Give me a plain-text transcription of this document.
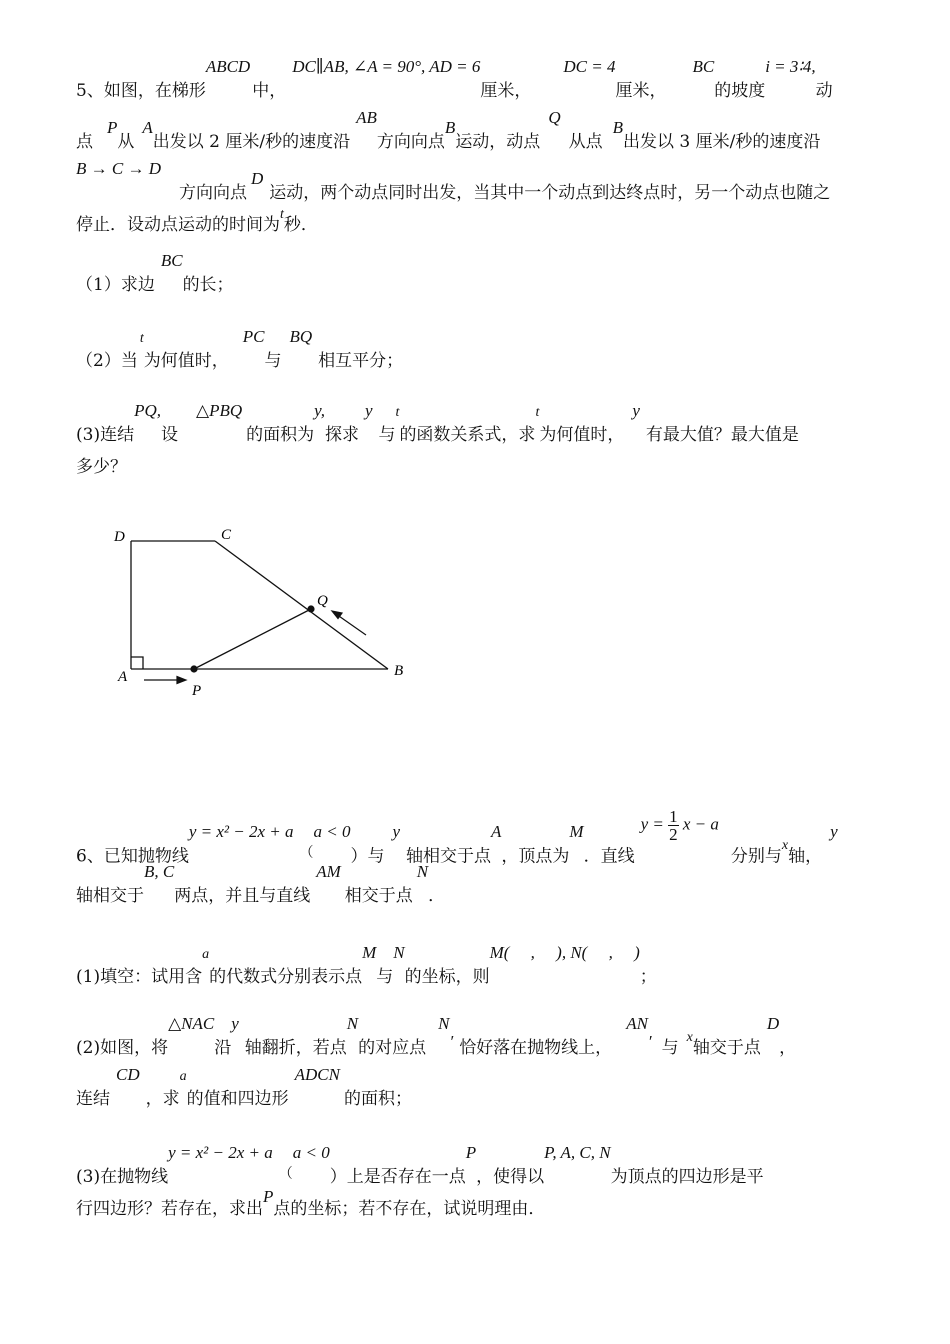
5、如图，在梯形ABCD中，DC∥AB, ∠A = 90°, AD = 6厘米，DC = 4厘米，BC的坡度i = 3∶4,动
点P从A出发以 2 厘米/秒的速度沿AB方向向点B运动，动点Q从点B出发以 3 厘米/秒的速度沿
B → C → D方向向点D运动，两个动点同时出发，当其中一个动点到达终点时，另一个动点也随之
停止．设动点运动的时间为$^t$秒．
（1）求边BC的长；
（2）当$^t$为何值时，PC与BQ相互平分；
(3)连结PQ,设△PBQ的面积为y,探求y与$^t$的函数关系式，求$^t$为何值时，y有最大值？最大值是
多少？
D	C
Q
A
P
B
6、已知抛物线y = x² − 2x + a（a < 0）与y轴相交于点A，顶点为M．直线$y = \frac{1}{2}$ x − a分别与$^x$轴，y
轴相交于B, C两点，并且与直线AM相交于点N．
(1)填空：试用含$^a$的代数式分别表示点M与N的坐标，则M(　 ,　 ), N(　 ,　 )；
(2)如图，将△NAC沿y轴翻折，若点N的对应点N′ 恰好落在抛物线上，AN′ 与$^x$轴交于点D，
连结CD，求$^a$的值和四边形ADCN的面积；
(3)在抛物线y = x² − 2x + a（a < 0）上是否存在一点P，使得以P, A, C, N为顶点的四边形是平
行四边形？若存在，求出P点的坐标；若不存在，试说明理由．
